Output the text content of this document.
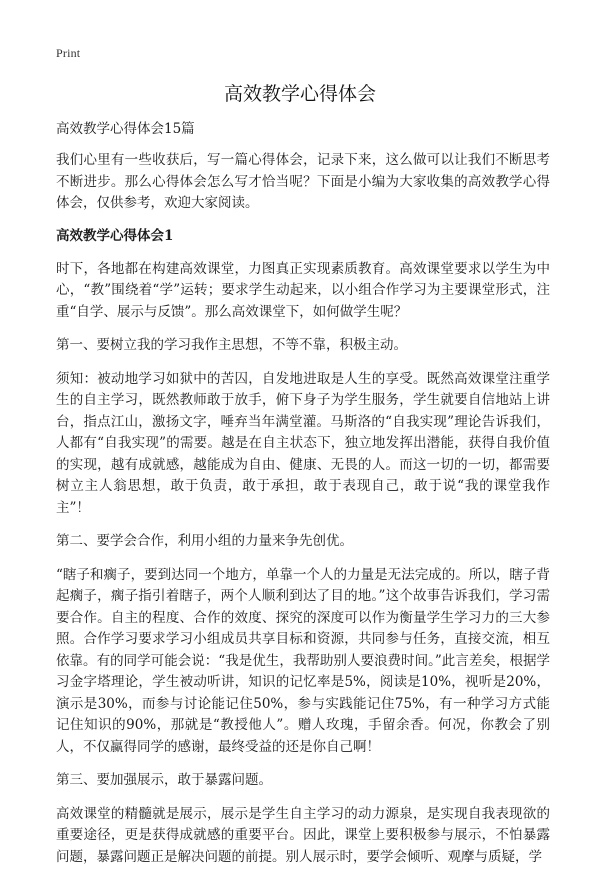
Print
高效教学心得体会
高效教学心得体会15篇

我们心里有一些收获后，写一篇心得体会，记录下来，这么做可以让我们不断思考不断进步。那么心得体会怎么写才恰当呢？下面是小编为大家收集的高效教学心得体会，仅供参考，欢迎大家阅读。

高效教学心得体会1

时下，各地都在构建高效课堂，力图真正实现素质教育。高效课堂要求以学生为中心，“教”围绕着“学”运转；要求学生动起来，以小组合作学习为主要课堂形式，注重“自学、展示与反馈”。那么高效课堂下，如何做学生呢？

第一、要树立我的学习我作主思想，不等不靠，积极主动。

须知：被动地学习如狱中的苦囚，自发地进取是人生的享受。既然高效课堂注重学生的自主学习，既然教师敢于放手，俯下身子为学生服务，学生就要自信地站上讲台，指点江山，激扬文字，唾弃当年满堂灌。马斯洛的“自我实现”理论告诉我们，人都有“自我实现”的需要。越是在自主状态下，独立地发挥出潜能，获得自我价值的实现，越有成就感，越能成为自由、健康、无畏的人。而这一切的一切，都需要树立主人翁思想，敢于负责，敢于承担，敢于表现自己，敢于说“我的课堂我作主”！

第二、要学会合作，利用小组的力量来争先创优。

“瞎子和瘸子，要到达同一个地方，单靠一个人的力量是无法完成的。所以，瞎子背起瘸子，瘸子指引着瞎子，两个人顺利到达了目的地。”这个故事告诉我们，学习需要合作。自主的程度、合作的效度、探究的深度可以作为衡量学生学习力的三大参照。合作学习要求学习小组成员共享目标和资源，共同参与任务，直接交流，相互依靠。有的同学可能会说：“我是优生，我帮助别人要浪费时间。”此言差矣，根据学习金字塔理论，学生被动听讲，知识的记忆率是5%，阅读是10%，视听是20%，演示是30%，而参与讨论能记住50%，参与实践能记住75%，有一种学习方式能记住知识的90%，那就是“教授他人”。赠人玫瑰，手留余香。何况，你教会了别人，不仅赢得同学的感谢，最终受益的还是你自己啊！

第三、要加强展示，敢于暴露问题。

高效课堂的精髓就是展示，展示是学生自主学习的动力源泉，是实现自我表现欲的重要途径，更是获得成就感的重要平台。因此，课堂上要积极参与展示，不怕暴露问题，暴露问题正是解决问题的前提。别人展示时，要学会倾听、观摩与质疑，学
